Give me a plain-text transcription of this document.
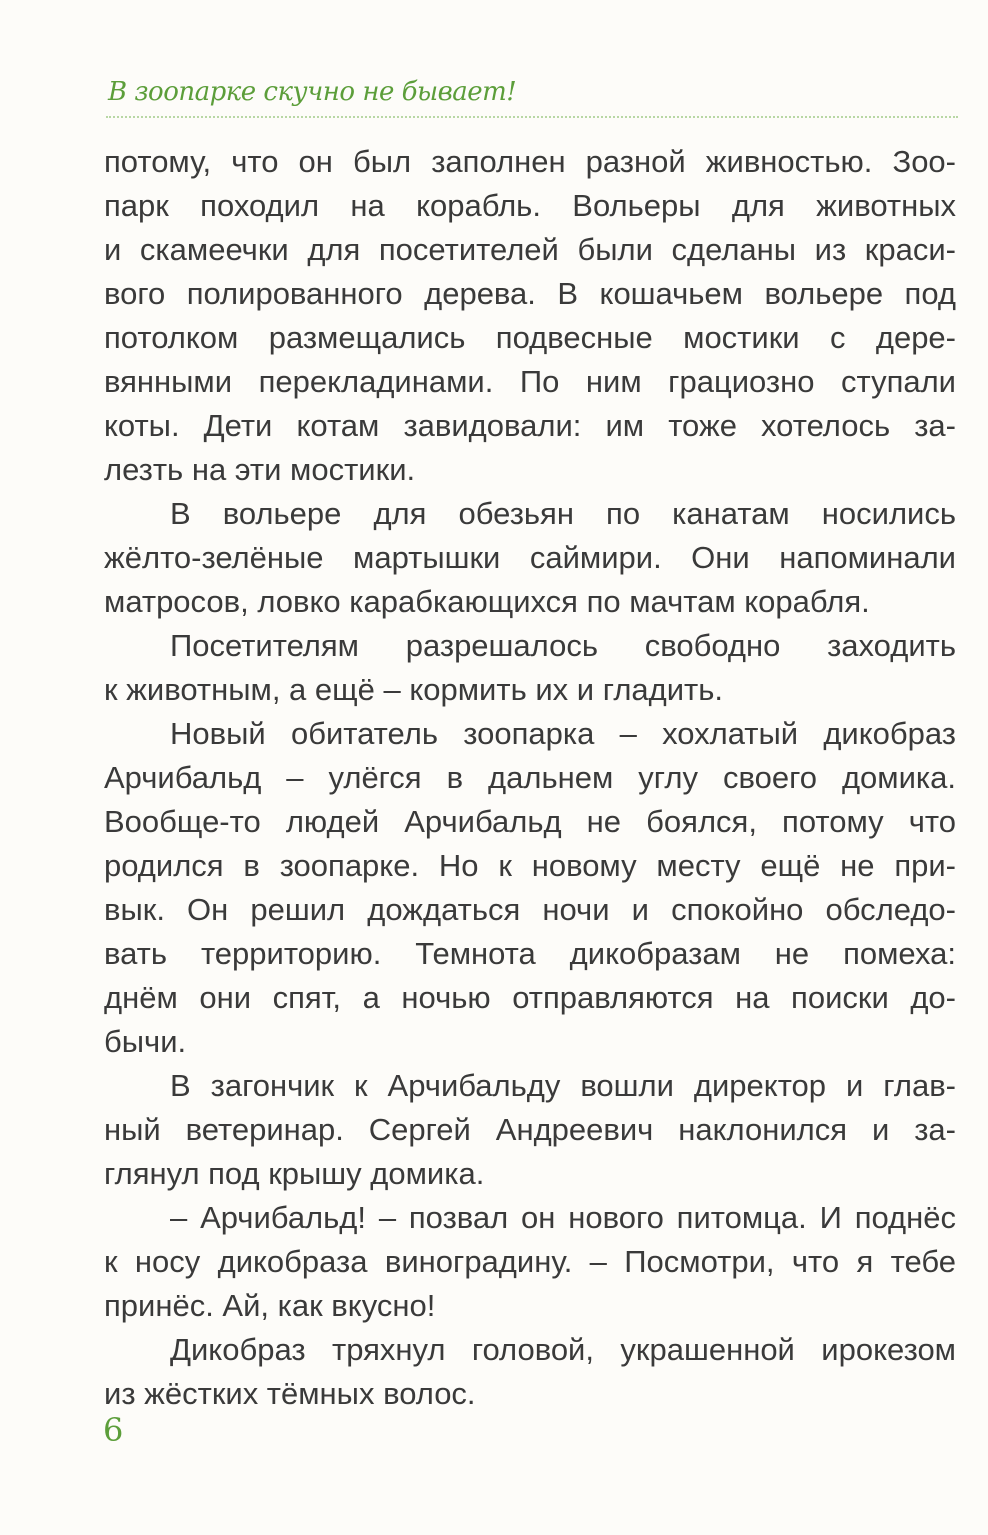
В зоопарке скучно не бывает!
потому, что он был заполнен разной живностью. Зоо-
парк походил на корабль. Вольеры для животных
и скамеечки для посетителей были сделаны из краси-
вого полированного дерева. В кошачьем вольере под
потолком размещались подвесные мостики с дере-
вянными перекладинами. По ним грациозно ступали
коты. Дети котам завидовали: им тоже хотелось за-
лезть на эти мостики.
В вольере для обезьян по канатам носились
жёлто-зелёные мартышки саймири. Они напоминали
матросов, ловко карабкающихся по мачтам корабля.
Посетителям разрешалось свободно заходить
к животным, а ещё – кормить их и гладить.
Новый обитатель зоопарка – хохлатый дикобраз
Арчибальд – улёгся в дальнем углу своего домика.
Вообще-то людей Арчибальд не боялся, потому что
родился в зоопарке. Но к новому месту ещё не при-
вык. Он решил дождаться ночи и спокойно обследо-
вать территорию. Темнота дикобразам не помеха:
днём они спят, а ночью отправляются на поиски до-
бычи.
В загончик к Арчибальду вошли директор и глав-
ный ветеринар. Сергей Андреевич наклонился и за-
глянул под крышу домика.
– Арчибальд! – позвал он нового питомца. И поднёс
к носу дикобраза виноградину. – Посмотри, что я тебе
принёс. Ай, как вкусно!
Дикобраз тряхнул головой, украшенной ирокезом
из жёстких тёмных волос.
6
